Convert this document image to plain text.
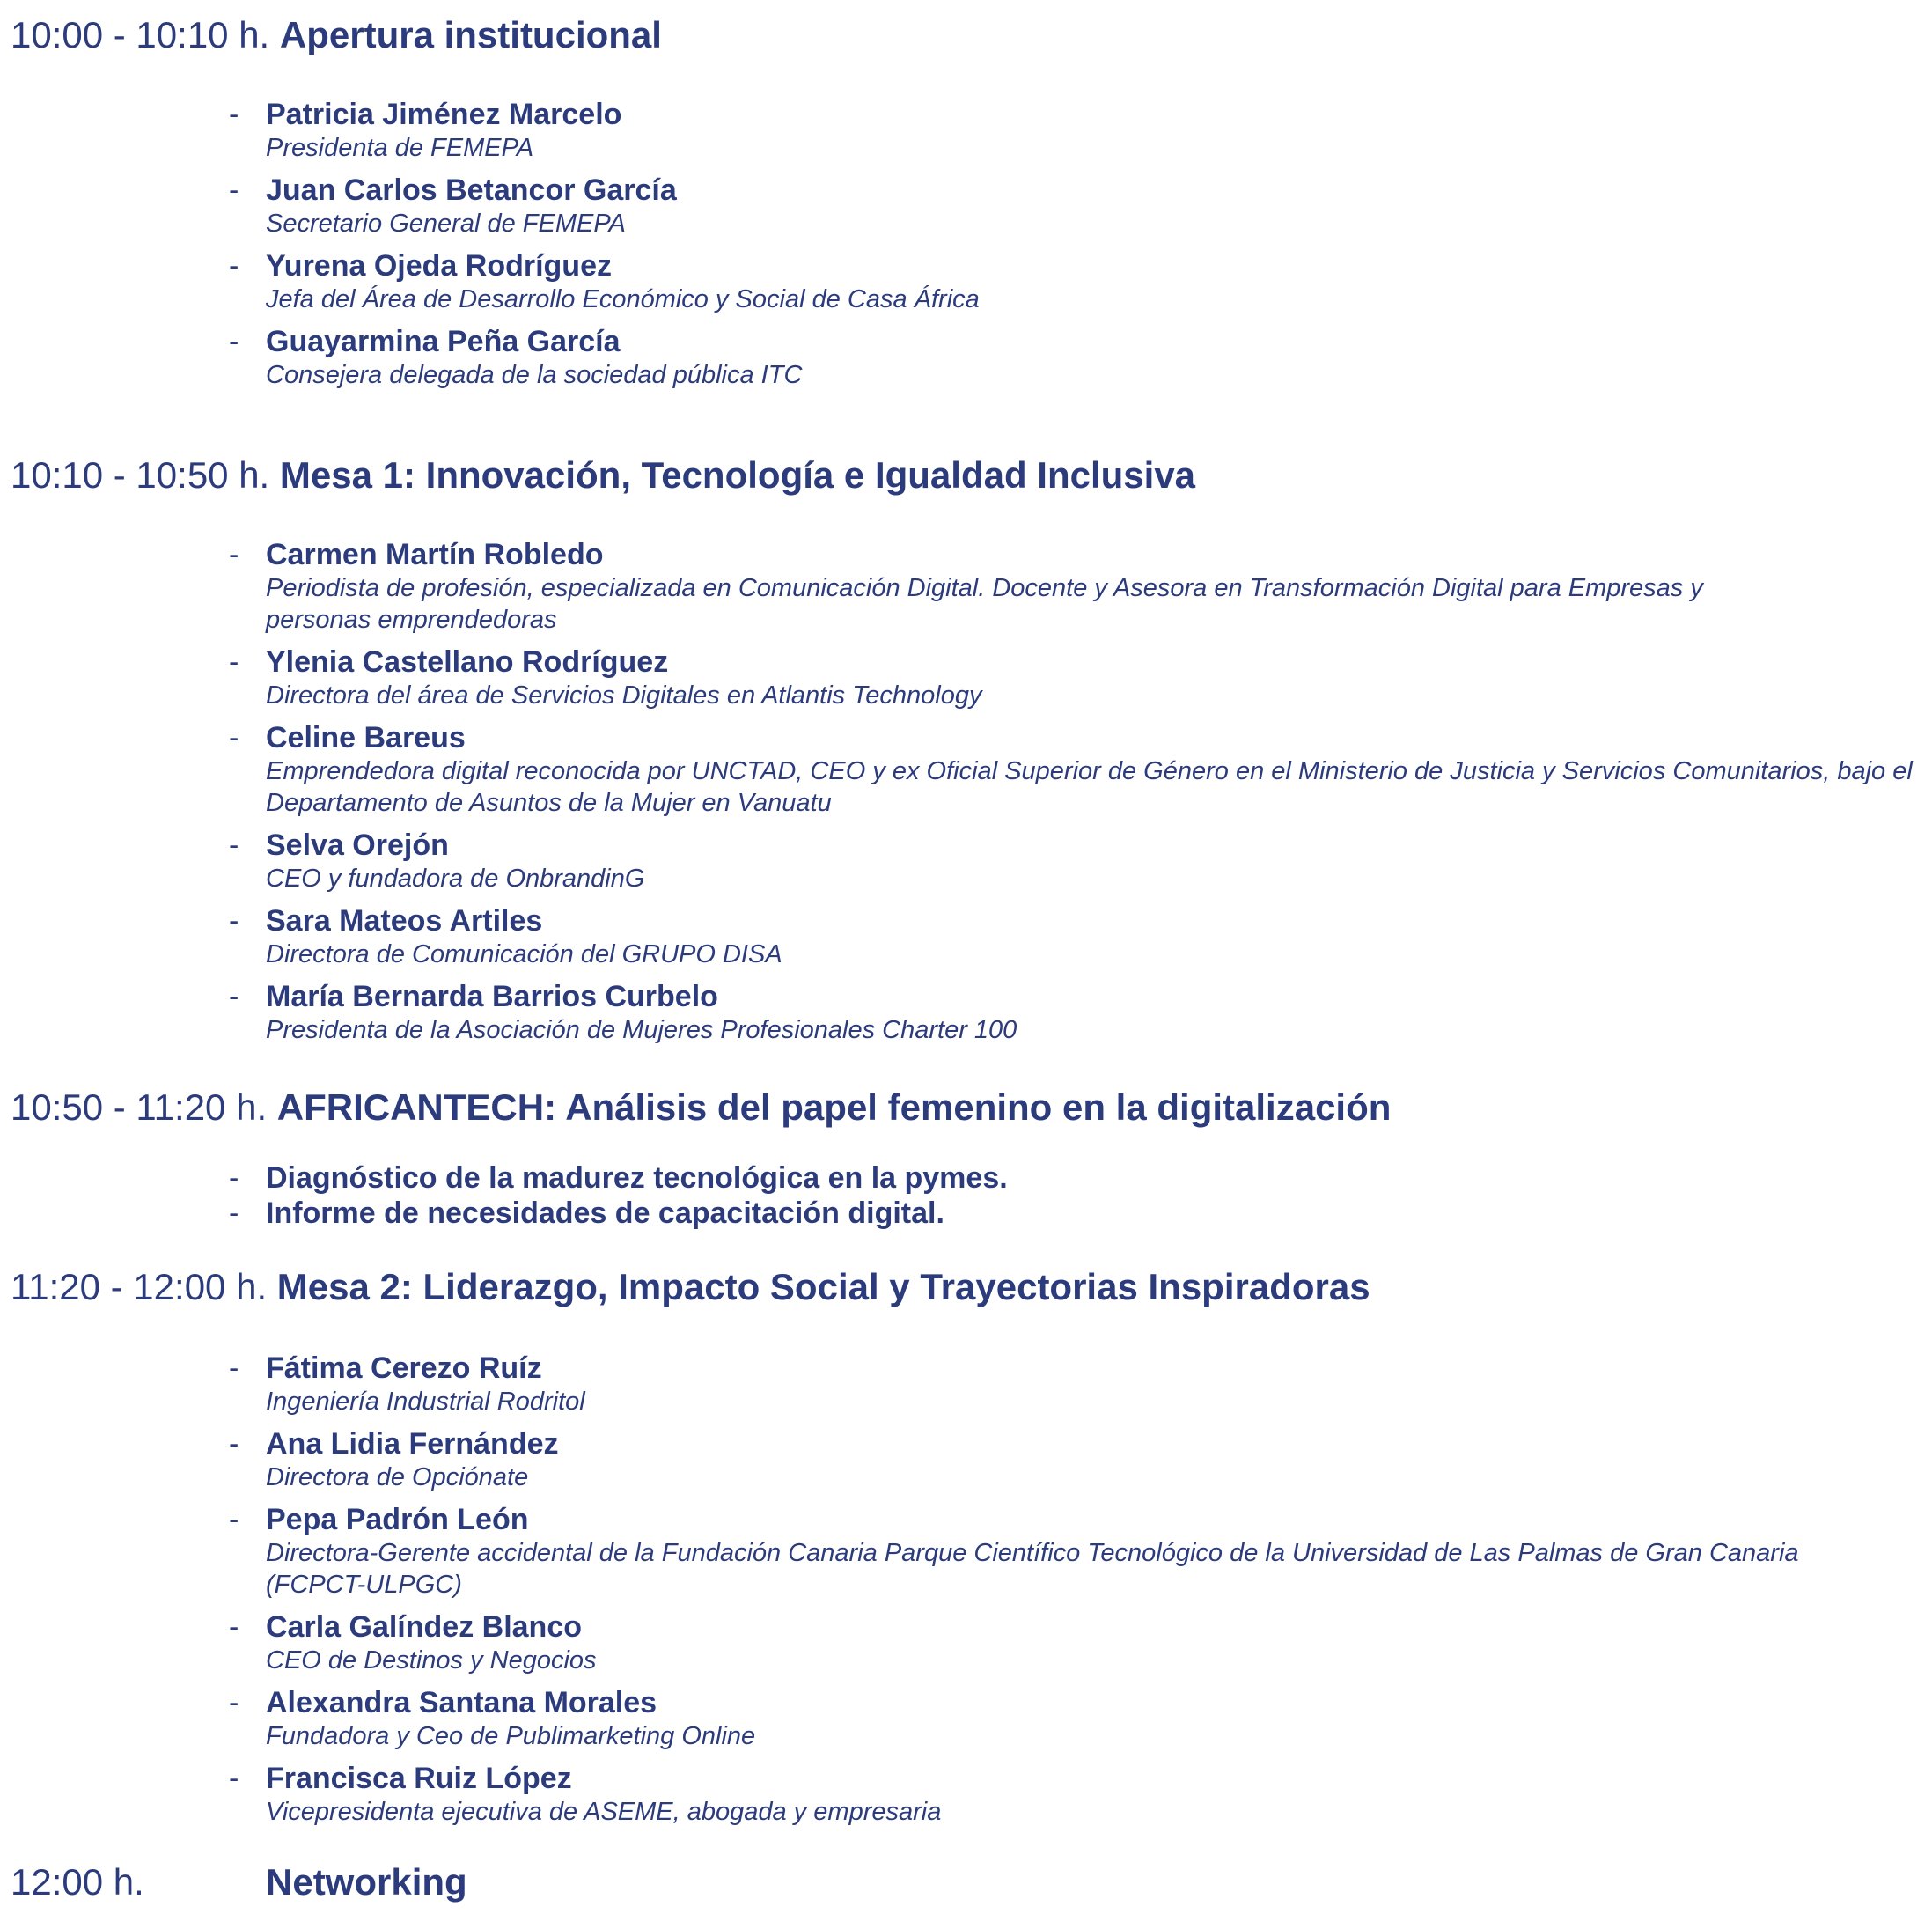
10:00 - 10:10 h. Apertura institucional
- Patricia Jiménez Marcelo
Presidenta de FEMEPA
- Juan Carlos Betancor García
Secretario General de FEMEPA
- Yurena Ojeda Rodríguez
Jefa del Área de Desarrollo Económico y Social de Casa África
- Guayarmina Peña García
Consejera delegada de la sociedad pública ITC
10:10 - 10:50 h. Mesa 1: Innovación, Tecnología e Igualdad Inclusiva
- Carmen Martín Robledo
Periodista de profesión, especializada en Comunicación Digital. Docente y Asesora en Transformación Digital para Empresas y personas emprendedoras
- Ylenia Castellano Rodríguez
Directora del área de Servicios Digitales en Atlantis Technology
- Celine Bareus
Emprendedora digital reconocida por UNCTAD, CEO y ex Oficial Superior de Género en el Ministerio de Justicia y Servicios Comunitarios, bajo el Departamento de Asuntos de la Mujer en Vanuatu
- Selva Orejón
CEO y fundadora de OnbrandinG
- Sara Mateos Artiles
Directora de Comunicación del GRUPO DISA
- María Bernarda Barrios Curbelo
Presidenta de la Asociación de Mujeres Profesionales Charter 100
10:50 - 11:20 h. AFRICANTECH: Análisis del papel femenino en la digitalización
- Diagnóstico de la madurez tecnológica en la pymes.
- Informe de necesidades de capacitación digital.
11:20 - 12:00 h. Mesa 2: Liderazgo, Impacto Social y Trayectorias Inspiradoras
- Fátima Cerezo Ruíz
Ingeniería Industrial Rodritol
- Ana Lidia Fernández
Directora de Opciónate
- Pepa Padrón León
Directora-Gerente accidental de la Fundación Canaria Parque Científico Tecnológico de la Universidad de Las Palmas de Gran Canaria (FCPCT-ULPGC)
- Carla Galíndez Blanco
CEO de Destinos y Negocios
- Alexandra Santana Morales
Fundadora y Ceo de Publimarketing Online
- Francisca Ruiz López
Vicepresidenta ejecutiva de ASEME, abogada y empresaria
12:00 h.	Networking
